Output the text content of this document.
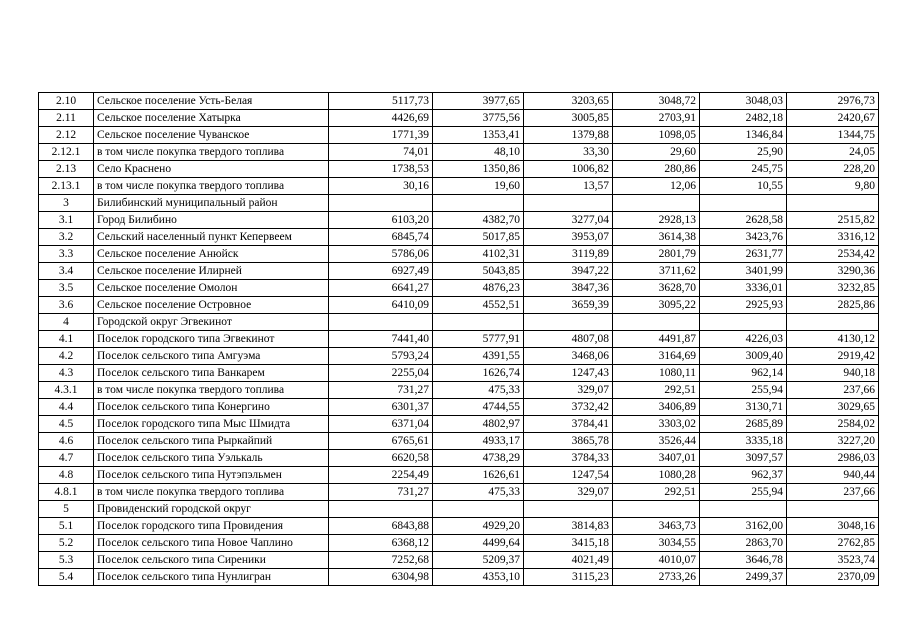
2.10	Сельское поселение Усть-Белая	5117,73	3977,65	3203,65	3048,72	3048,03	2976,73
2.11	Сельское поселение Хатырка	4426,69	3775,56	3005,85	2703,91	2482,18	2420,67
2.12	Сельское поселение Чуванское	1771,39	1353,41	1379,88	1098,05	1346,84	1344,75
2.12.1	в том числе покупка твердого топлива	74,01	48,10	33,30	29,60	25,90	24,05
2.13	Село Краснено	1738,53	1350,86	1006,82	280,86	245,75	228,20
2.13.1	в том числе покупка твердого топлива	30,16	19,60	13,57	12,06	10,55	9,80
3	Билибинский муниципальный район						
3.1	Город Билибино	6103,20	4382,70	3277,04	2928,13	2628,58	2515,82
3.2	Сельский населенный пункт Кепервеем	6845,74	5017,85	3953,07	3614,38	3423,76	3316,12
3.3	Сельское поселение Анюйск	5786,06	4102,31	3119,89	2801,79	2631,77	2534,42
3.4	Сельское поселение Илирней	6927,49	5043,85	3947,22	3711,62	3401,99	3290,36
3.5	Сельское поселение Омолон	6641,27	4876,23	3847,36	3628,70	3336,01	3232,85
3.6	Сельское поселение Островное	6410,09	4552,51	3659,39	3095,22	2925,93	2825,86
4	Городской округ Эгвекинот						
4.1	Поселок городского типа Эгвекинот	7441,40	5777,91	4807,08	4491,87	4226,03	4130,12
4.2	Поселок сельского типа Амгуэма	5793,24	4391,55	3468,06	3164,69	3009,40	2919,42
4.3	Поселок сельского типа Ванкарем	2255,04	1626,74	1247,43	1080,11	962,14	940,18
4.3.1	в том числе покупка твердого топлива	731,27	475,33	329,07	292,51	255,94	237,66
4.4	Поселок сельского типа Конергино	6301,37	4744,55	3732,42	3406,89	3130,71	3029,65
4.5	Поселок городского типа Мыс Шмидта	6371,04	4802,97	3784,41	3303,02	2685,89	2584,02
4.6	Поселок сельского типа Рыркайпий	6765,61	4933,17	3865,78	3526,44	3335,18	3227,20
4.7	Поселок сельского типа Уэлькаль	6620,58	4738,29	3784,33	3407,01	3097,57	2986,03
4.8	Поселок сельского типа Нутэпэльмен	2254,49	1626,61	1247,54	1080,28	962,37	940,44
4.8.1	в том числе покупка твердого топлива	731,27	475,33	329,07	292,51	255,94	237,66
5	Провиденский городской округ						
5.1	Поселок городского типа Провидения	6843,88	4929,20	3814,83	3463,73	3162,00	3048,16
5.2	Поселок сельского типа Новое Чаплино	6368,12	4499,64	3415,18	3034,55	2863,70	2762,85
5.3	Поселок сельского типа Сиреники	7252,68	5209,37	4021,49	4010,07	3646,78	3523,74
5.4	Поселок сельского типа Нунлигран	6304,98	4353,10	3115,23	2733,26	2499,37	2370,09
